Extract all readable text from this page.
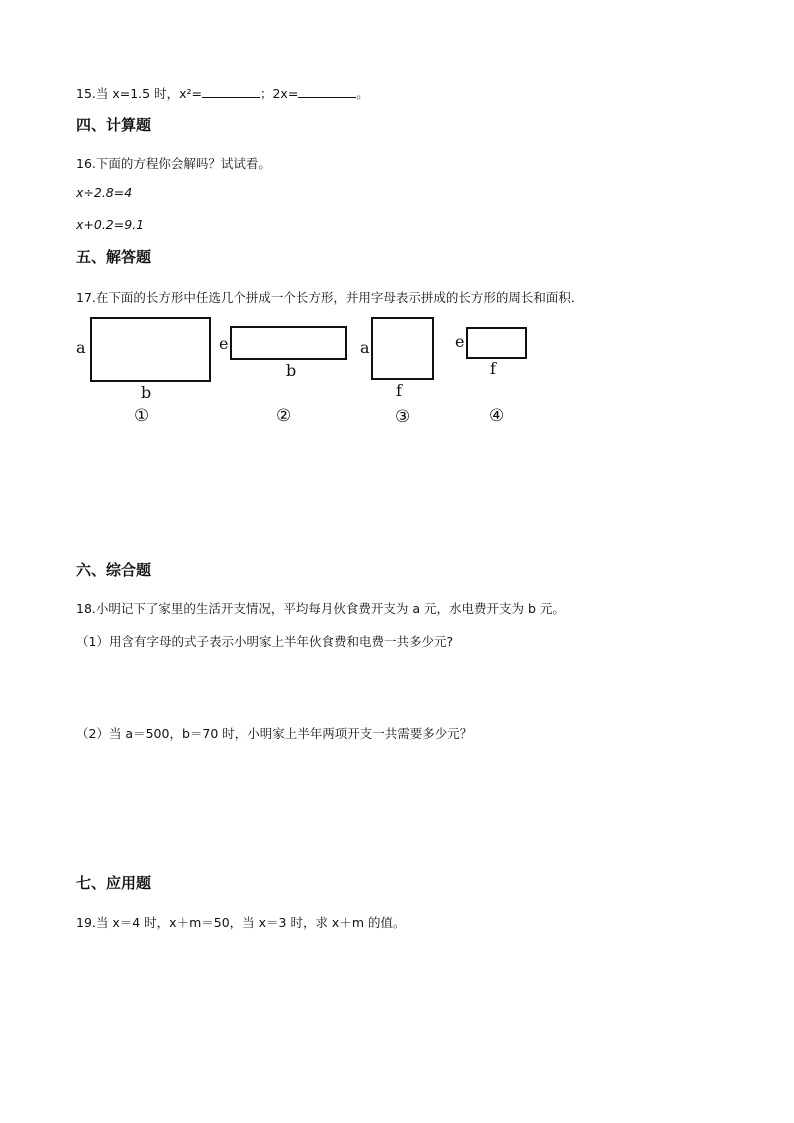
15.当 x=1.5 时，x²=	；2x=	。
四、计算题
16.下面的方程你会解吗？试试看。
x÷2.8=4
x+0.2=9.1
五、解答题
17.在下面的长方形中任选几个拼成一个长方形，并用字母表示拼成的长方形的周长和面积．
a
b
①
e
b
②
a
f
③
e
f
④
六、综合题
18.小明记下了家里的生活开支情况，平均每月伙食费开支为 a 元，水电费开支为 b 元。
（1）用含有字母的式子表示小明家上半年伙食费和电费一共多少元?
（2）当 a＝500，b＝70 时，小明家上半年两项开支一共需要多少元？
七、应用题
19.当 x＝4 时，x＋m＝50，当 x＝3 时，求 x＋m 的值。
